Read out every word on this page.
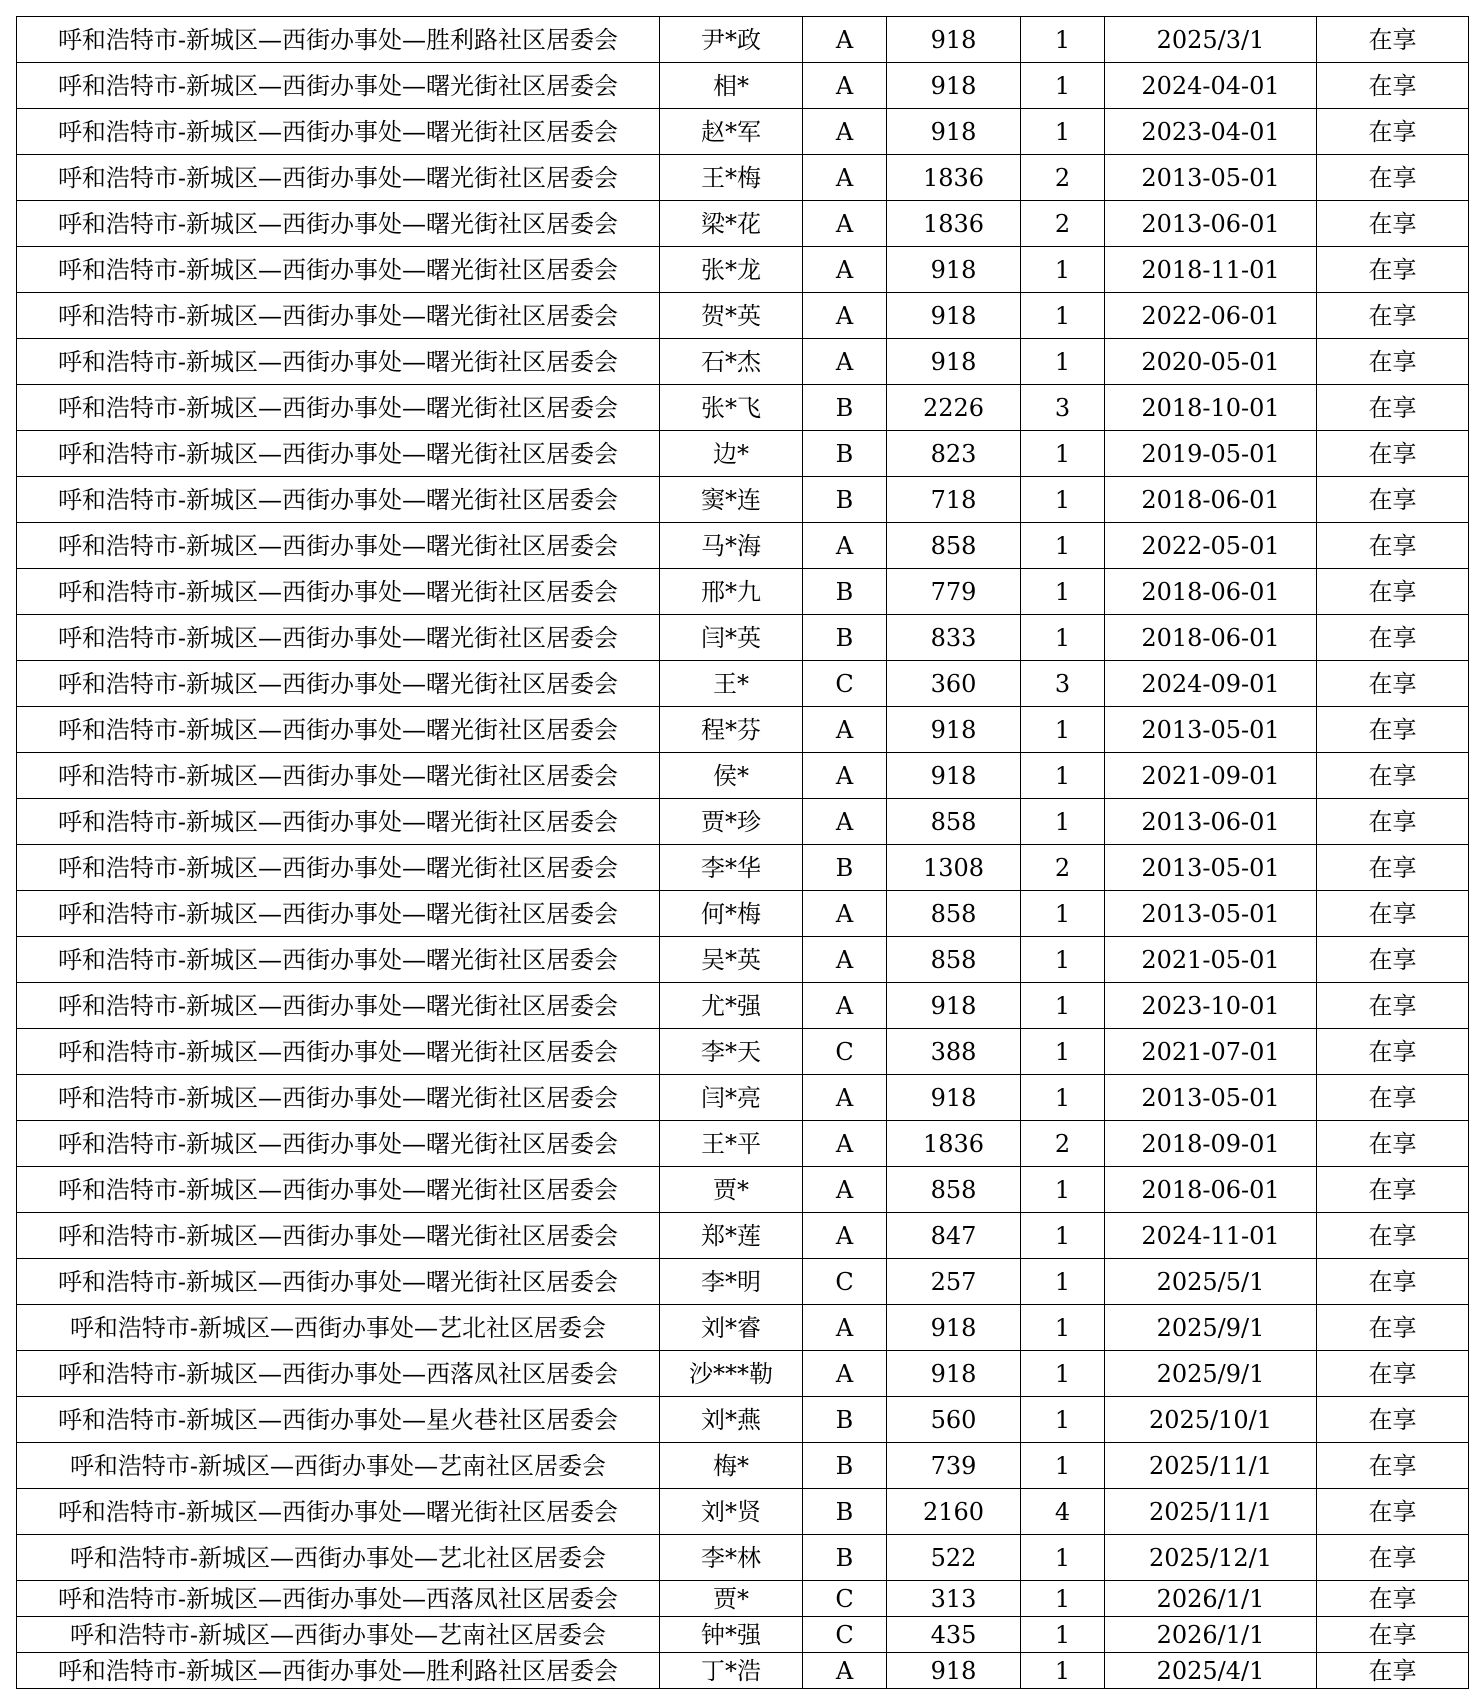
呼和浩特市-新城区—西街办事处—胜利路社区居委会	尹*政	A	918	1	2025/3/1	在享
呼和浩特市-新城区—西街办事处—曙光街社区居委会	相*	A	918	1	2024-04-01	在享
呼和浩特市-新城区—西街办事处—曙光街社区居委会	赵*军	A	918	1	2023-04-01	在享
呼和浩特市-新城区—西街办事处—曙光街社区居委会	王*梅	A	1836	2	2013-05-01	在享
呼和浩特市-新城区—西街办事处—曙光街社区居委会	梁*花	A	1836	2	2013-06-01	在享
呼和浩特市-新城区—西街办事处—曙光街社区居委会	张*龙	A	918	1	2018-11-01	在享
呼和浩特市-新城区—西街办事处—曙光街社区居委会	贺*英	A	918	1	2022-06-01	在享
呼和浩特市-新城区—西街办事处—曙光街社区居委会	石*杰	A	918	1	2020-05-01	在享
呼和浩特市-新城区—西街办事处—曙光街社区居委会	张*飞	B	2226	3	2018-10-01	在享
呼和浩特市-新城区—西街办事处—曙光街社区居委会	边*	B	823	1	2019-05-01	在享
呼和浩特市-新城区—西街办事处—曙光街社区居委会	窦*连	B	718	1	2018-06-01	在享
呼和浩特市-新城区—西街办事处—曙光街社区居委会	马*海	A	858	1	2022-05-01	在享
呼和浩特市-新城区—西街办事处—曙光街社区居委会	邢*九	B	779	1	2018-06-01	在享
呼和浩特市-新城区—西街办事处—曙光街社区居委会	闫*英	B	833	1	2018-06-01	在享
呼和浩特市-新城区—西街办事处—曙光街社区居委会	王*	C	360	3	2024-09-01	在享
呼和浩特市-新城区—西街办事处—曙光街社区居委会	程*芬	A	918	1	2013-05-01	在享
呼和浩特市-新城区—西街办事处—曙光街社区居委会	侯*	A	918	1	2021-09-01	在享
呼和浩特市-新城区—西街办事处—曙光街社区居委会	贾*珍	A	858	1	2013-06-01	在享
呼和浩特市-新城区—西街办事处—曙光街社区居委会	李*华	B	1308	2	2013-05-01	在享
呼和浩特市-新城区—西街办事处—曙光街社区居委会	何*梅	A	858	1	2013-05-01	在享
呼和浩特市-新城区—西街办事处—曙光街社区居委会	吴*英	A	858	1	2021-05-01	在享
呼和浩特市-新城区—西街办事处—曙光街社区居委会	尤*强	A	918	1	2023-10-01	在享
呼和浩特市-新城区—西街办事处—曙光街社区居委会	李*天	C	388	1	2021-07-01	在享
呼和浩特市-新城区—西街办事处—曙光街社区居委会	闫*亮	A	918	1	2013-05-01	在享
呼和浩特市-新城区—西街办事处—曙光街社区居委会	王*平	A	1836	2	2018-09-01	在享
呼和浩特市-新城区—西街办事处—曙光街社区居委会	贾*	A	858	1	2018-06-01	在享
呼和浩特市-新城区—西街办事处—曙光街社区居委会	郑*莲	A	847	1	2024-11-01	在享
呼和浩特市-新城区—西街办事处—曙光街社区居委会	李*明	C	257	1	2025/5/1	在享
呼和浩特市-新城区—西街办事处—艺北社区居委会	刘*睿	A	918	1	2025/9/1	在享
呼和浩特市-新城区—西街办事处—西落凤社区居委会	沙***勒	A	918	1	2025/9/1	在享
呼和浩特市-新城区—西街办事处—星火巷社区居委会	刘*燕	B	560	1	2025/10/1	在享
呼和浩特市-新城区—西街办事处—艺南社区居委会	梅*	B	739	1	2025/11/1	在享
呼和浩特市-新城区—西街办事处—曙光街社区居委会	刘*贤	B	2160	4	2025/11/1	在享
呼和浩特市-新城区—西街办事处—艺北社区居委会	李*林	B	522	1	2025/12/1	在享
呼和浩特市-新城区—西街办事处—西落凤社区居委会	贾*	C	313	1	2026/1/1	在享
呼和浩特市-新城区—西街办事处—艺南社区居委会	钟*强	C	435	1	2026/1/1	在享
呼和浩特市-新城区—西街办事处—胜利路社区居委会	丁*浩	A	918	1	2025/4/1	在享
